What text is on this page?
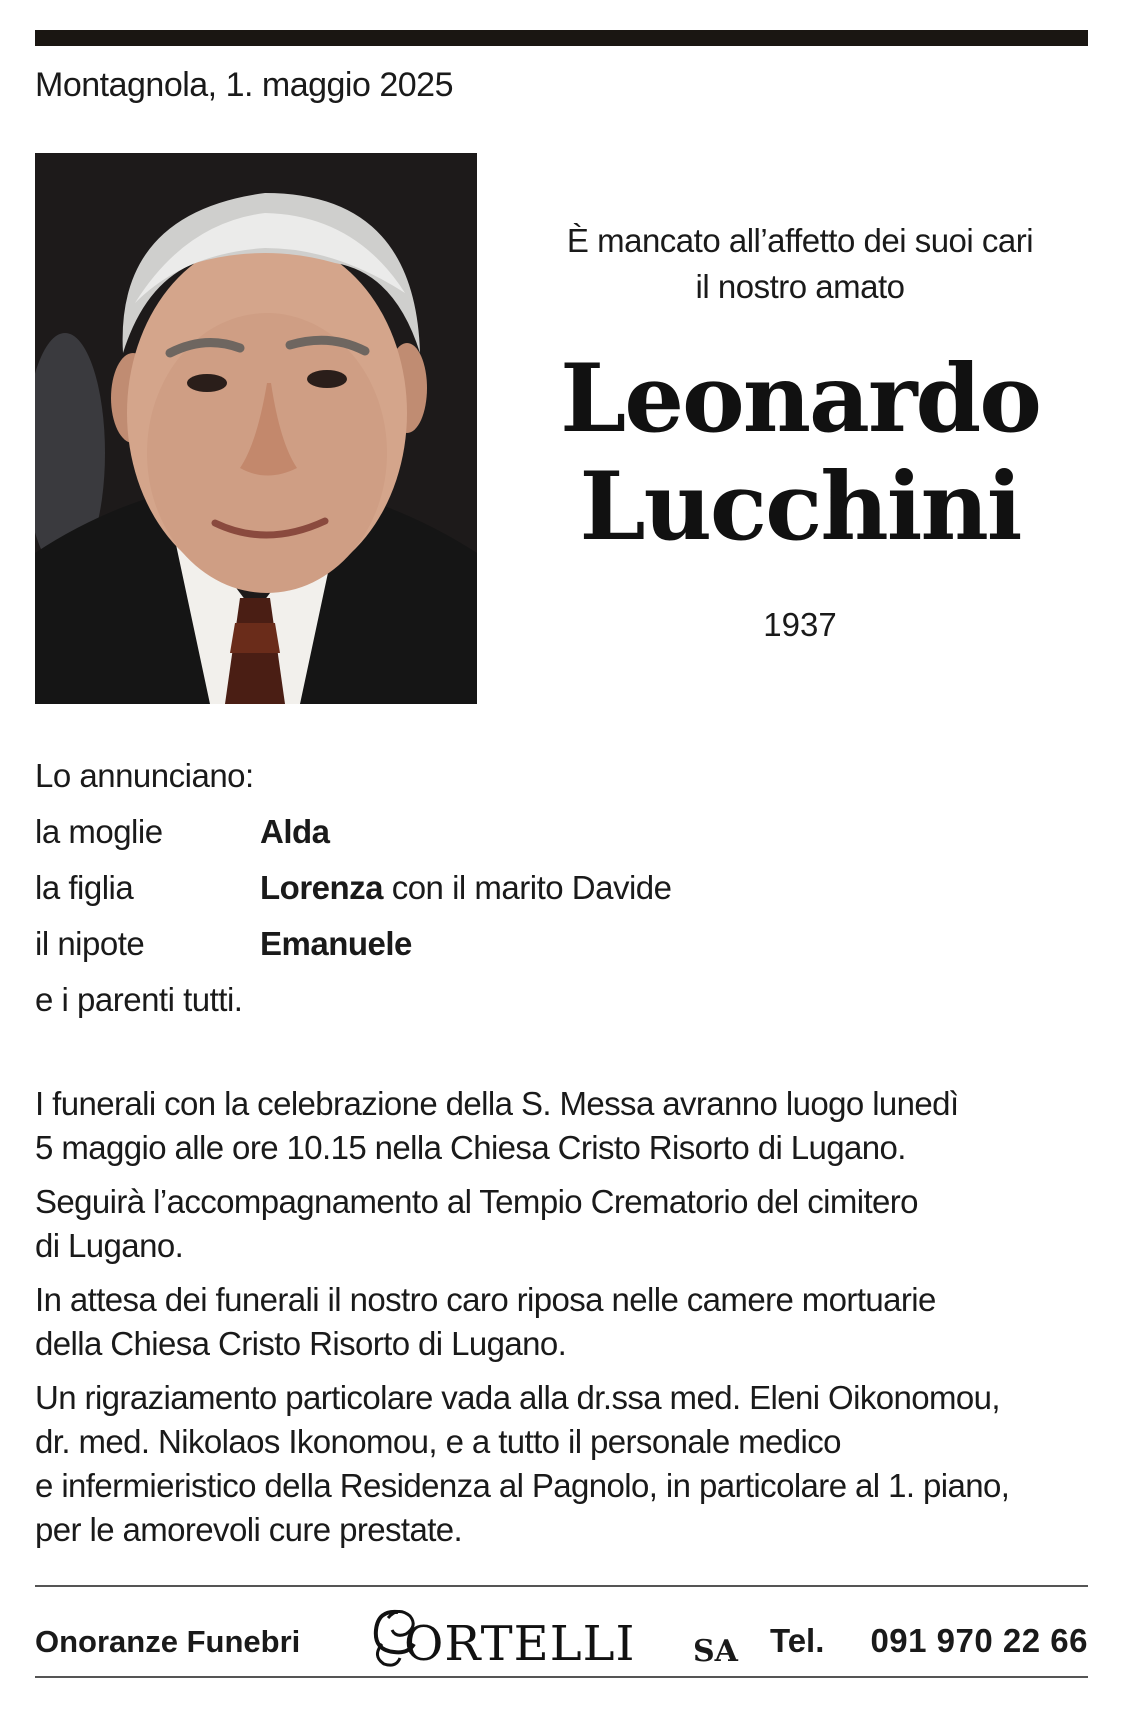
Montagnola, 1. maggio 2025
È mancato all’affetto dei suoi cari
il nostro amato
Leonardo
Lucchini
1937
Lo annunciano:
la moglie	Alda
la figlia	Lorenza con il marito Davide
il nipote	Emanuele
e i parenti tutti.

I funerali con la celebrazione della S. Messa avranno luogo lunedì
5 maggio alle ore 10.15 nella Chiesa Cristo Risorto di Lugano.

Seguirà l’accompagnamento al Tempio Crematorio del cimitero
di Lugano.

In attesa dei funerali il nostro caro riposa nelle camere mortuarie
della Chiesa Cristo Risorto di Lugano.

Un rigraziamento particolare vada alla dr.ssa med. Eleni Oikonomou,
dr. med. Nikolaos Ikonomou, e a tutto il personale medico
e infermieristico della Residenza al Pagnolo, in particolare al 1. piano,
per le amorevoli cure prestate.

Onoranze Funebri ORTELLI SA Tel. 091 970 22 66
